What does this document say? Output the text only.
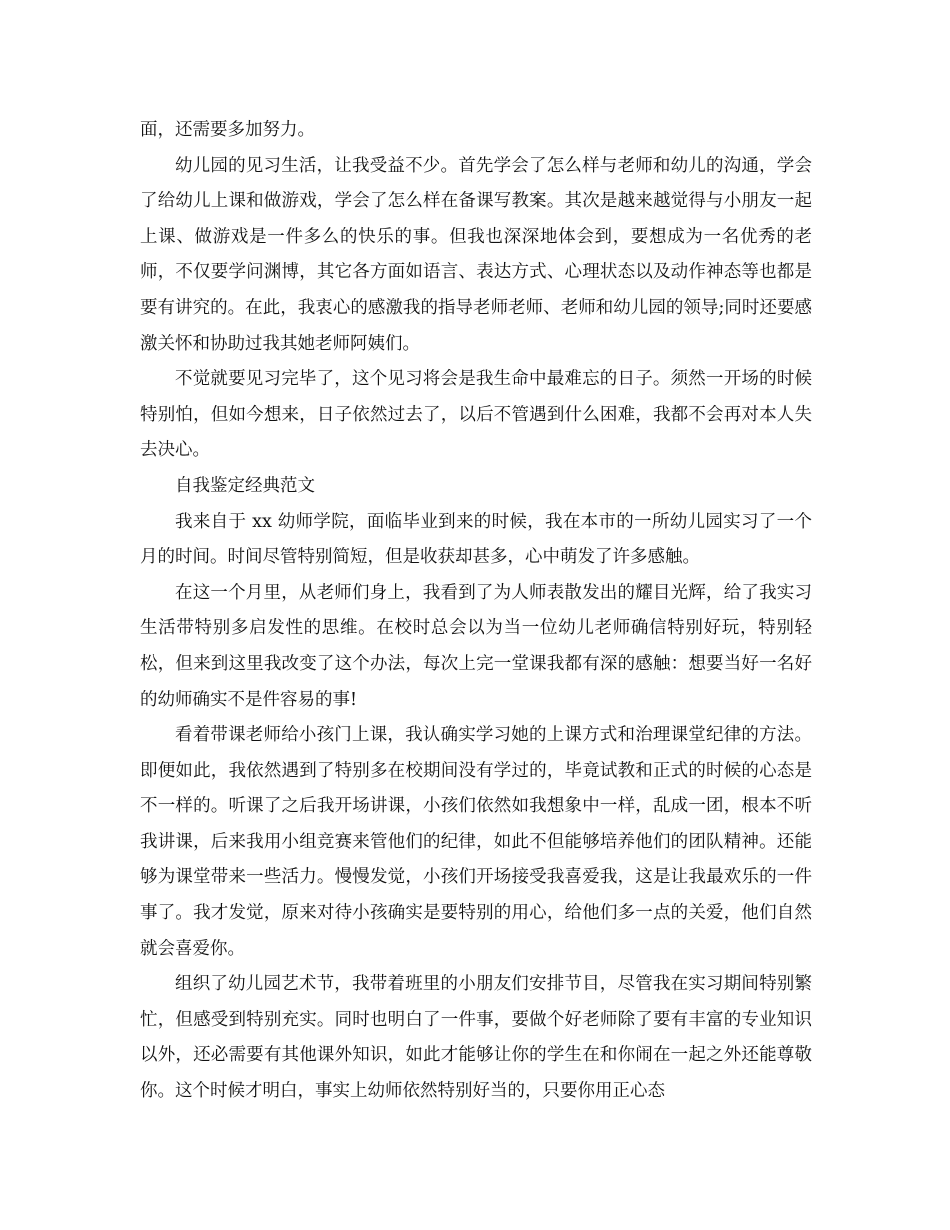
面，还需要多加努力。

幼儿园的见习生活，让我受益不少。首先学会了怎么样与老师和幼儿的沟通，学会了给幼儿上课和做游戏，学会了怎么样在备课写教案。其次是越来越觉得与小朋友一起上课、做游戏是一件多么的快乐的事。但我也深深地体会到，要想成为一名优秀的老师，不仅要学问渊博，其它各方面如语言、表达方式、心理状态以及动作神态等也都是要有讲究的。在此，我衷心的感激我的指导老师老师、老师和幼儿园的领导;同时还要感激关怀和协助过我其她老师阿姨们。

不觉就要见习完毕了，这个见习将会是我生命中最难忘的日子。须然一开场的时候特别怕，但如今想来，日子依然过去了，以后不管遇到什么困难，我都不会再对本人失去决心。

自我鉴定经典范文

我来自于 xx 幼师学院，面临毕业到来的时候，我在本市的一所幼儿园实习了一个月的时间。时间尽管特别简短，但是收获却甚多，心中萌发了许多感触。

在这一个月里，从老师们身上，我看到了为人师表散发出的耀目光辉，给了我实习生活带特别多启发性的思维。在校时总会以为当一位幼儿老师确信特别好玩，特别轻松，但来到这里我改变了这个办法，每次上完一堂课我都有深的感触：想要当好一名好的幼师确实不是件容易的事!

看着带课老师给小孩门上课，我认确实学习她的上课方式和治理课堂纪律的方法。即便如此，我依然遇到了特别多在校期间没有学过的，毕竟试教和正式的时候的心态是不一样的。听课了之后我开场讲课，小孩们依然如我想象中一样，乱成一团，根本不听我讲课，后来我用小组竞赛来管他们的纪律，如此不但能够培养他们的团队精神。还能够为课堂带来一些活力。慢慢发觉，小孩们开场接受我喜爱我，这是让我最欢乐的一件事了。我才发觉，原来对待小孩确实是要特别的用心，给他们多一点的关爱，他们自然就会喜爱你。

组织了幼儿园艺术节，我带着班里的小朋友们安排节目，尽管我在实习期间特别繁忙，但感受到特别充实。同时也明白了一件事，要做个好老师除了要有丰富的专业知识以外，还必需要有其他课外知识，如此才能够让你的学生在和你闹在一起之外还能尊敬你。这个时候才明白，事实上幼师依然特别好当的，只要你用正心态
